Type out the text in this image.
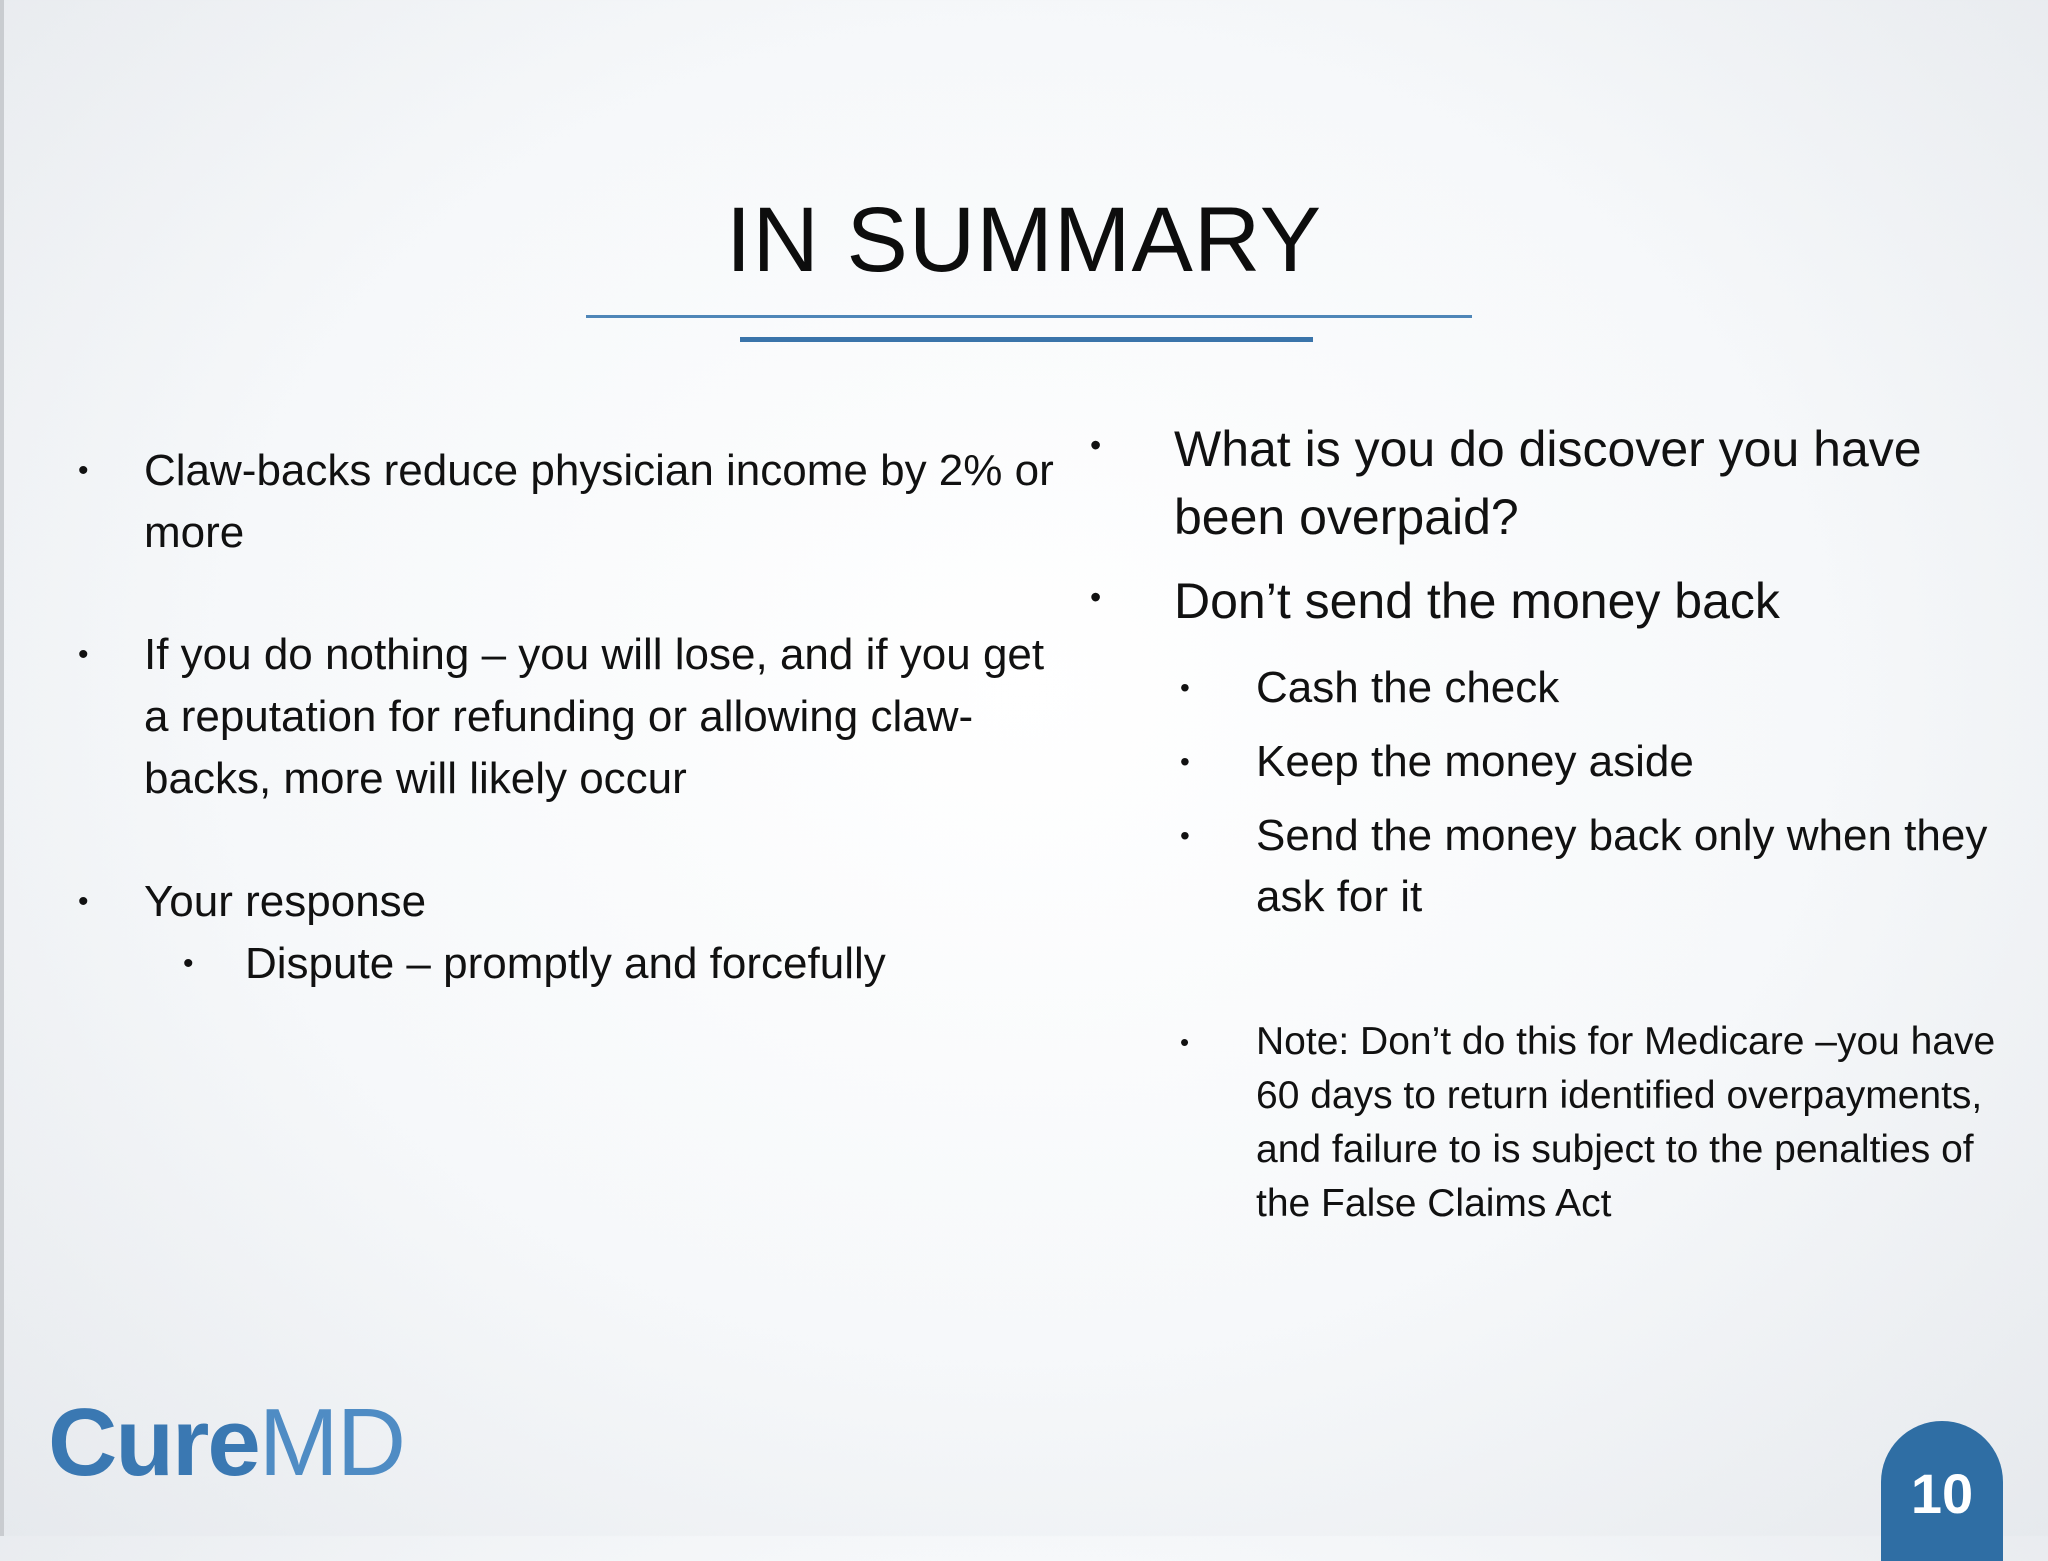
IN SUMMARY
• Claw-backs reduce physician income by 2% or more
• If you do nothing – you will lose, and if you get a reputation for refunding or allowing claw-backs, more will likely occur
• Your response
• Dispute – promptly and forcefully
• What is you do discover you have been overpaid?
• Don’t send the money back
• Cash the check
• Keep the money aside
• Send the money back only when they ask for it
• Note: Don’t do this for Medicare –you have 60 days to return identified overpayments, and failure to is subject to the penalties of the False Claims Act
CureMD	10
